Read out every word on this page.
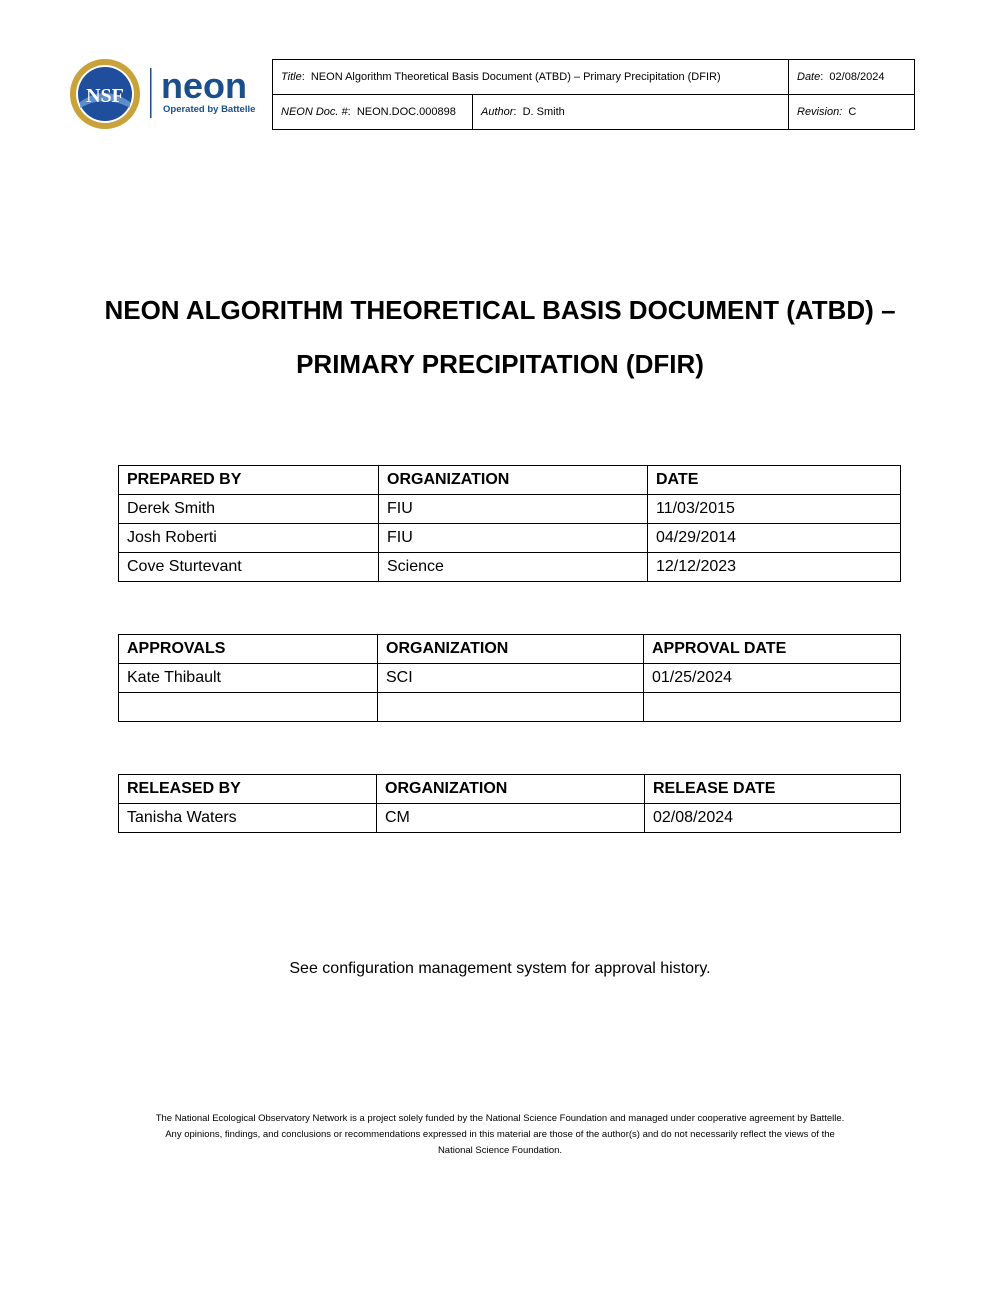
NSF neon
Operated by Battelle
Title:  NEON Algorithm Theoretical Basis Document (ATBD) – Primary Precipitation (DFIR)		Date:  02/08/2024
NEON Doc. #:  NEON.DOC.000898	Author:  D. Smith	Revision: C
NEON ALGORITHM THEORETICAL BASIS DOCUMENT (ATBD) –
PRIMARY PRECIPITATION (DFIR)
PREPARED BY	ORGANIZATION	DATE
Derek Smith	FIU	11/03/2015
Josh Roberti	FIU	04/29/2014
Cove Sturtevant	Science	12/12/2023
APPROVALS	ORGANIZATION	APPROVAL DATE
Kate Thibault	SCI	01/25/2024

RELEASED BY	ORGANIZATION	RELEASE DATE
Tanisha Waters	CM	02/08/2024
See configuration management system for approval history.
The National Ecological Observatory Network is a project solely funded by the National Science Foundation and managed under cooperative agreement by Battelle.
Any opinions, findings, and conclusions or recommendations expressed in this material are those of the author(s) and do not necessarily reflect the views of the
National Science Foundation.
